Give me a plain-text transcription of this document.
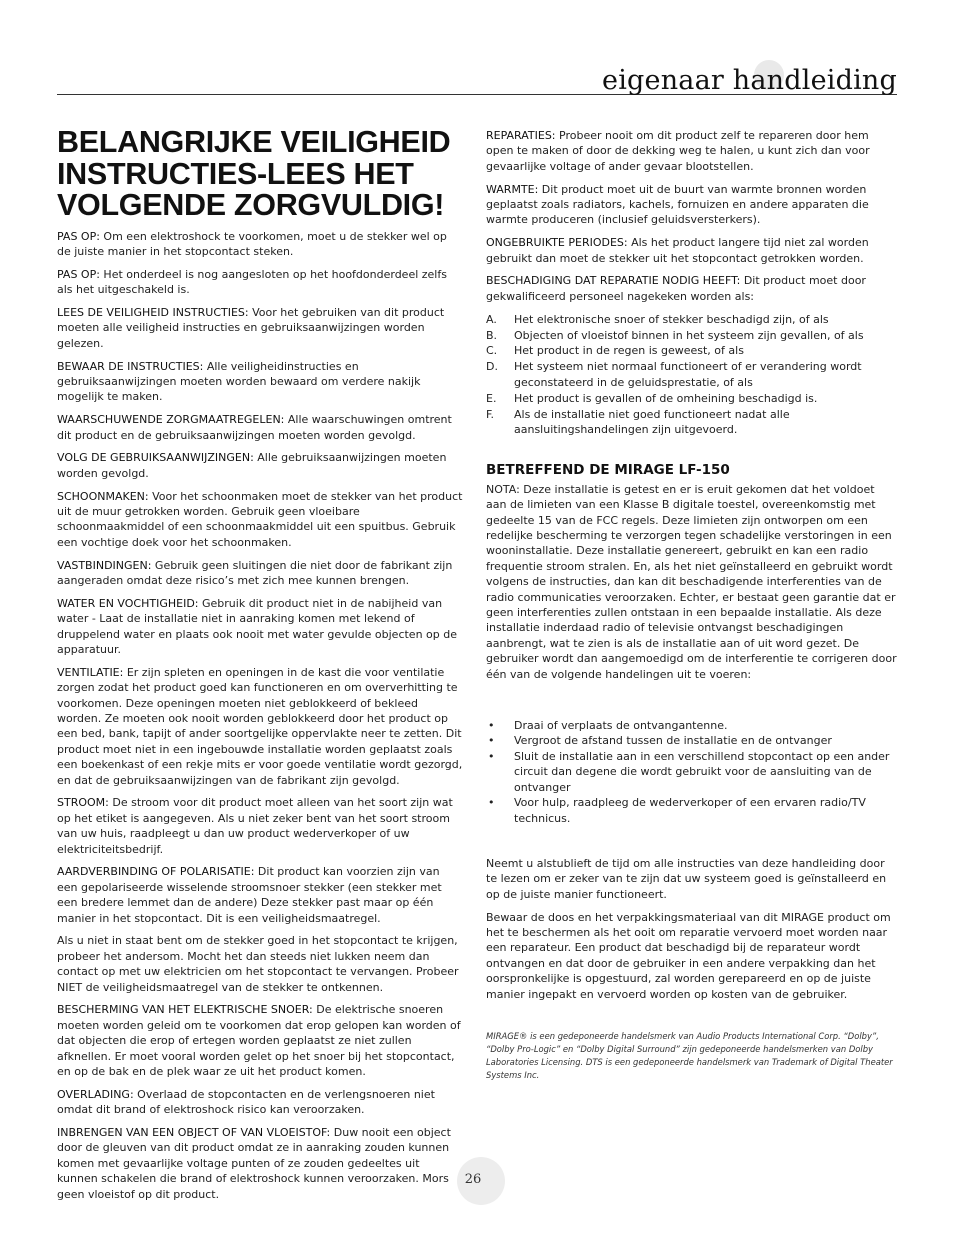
eigenaar handleiding
BELANGRIJKE VEILIGHEID INSTRUCTIES-LEES HET VOLGENDE ZORGVULDIG!

PAS OP: Om een elektroshock te voorkomen, moet u de stekker wel op de juiste manier in het stopcontact steken.

PAS OP: Het onderdeel is nog aangesloten op het hoofdonderdeel zelfs als het uitgeschakeld is.

LEES DE VEILIGHEID INSTRUCTIES: Voor het gebruiken van dit product moeten alle veiligheid instructies en gebruiksaanwijzingen worden gelezen.

BEWAAR DE INSTRUCTIES: Alle veiligheidinstructies en gebruiksaanwijzingen moeten worden bewaard om verdere nakijk mogelijk te maken.

WAARSCHUWENDE ZORGMAATREGELEN: Alle waarschuwingen omtrent dit product en de gebruiksaanwijzingen moeten worden gevolgd.

VOLG DE GEBRUIKSAANWIJZINGEN: Alle gebruiksaanwijzingen moeten worden gevolgd.

SCHOONMAKEN: Voor het schoonmaken moet de stekker van het product uit de muur getrokken worden. Gebruik geen vloeibare schoonmaakmiddel of een schoonmaakmiddel uit een spuitbus. Gebruik een vochtige doek voor het schoonmaken.

VASTBINDINGEN: Gebruik geen sluitingen die niet door de fabrikant zijn aangeraden omdat deze risico’s met zich mee kunnen brengen.

WATER EN VOCHTIGHEID: Gebruik dit product niet in de nabijheid van water - Laat de installatie niet in aanraking komen met lekend of druppelend water en plaats ook nooit met water gevulde objecten op de apparatuur.

VENTILATIE: Er zijn spleten en openingen in de kast die voor ventilatie zorgen zodat het product goed kan functioneren en om oververhitting te voorkomen. Deze openingen moeten niet geblokkeerd of bekleed worden. Ze moeten ook nooit worden geblokkeerd door het product op een bed, bank, tapijt of ander soortgelijke oppervlakte neer te zetten. Dit product moet niet in een ingebouwde installatie worden geplaatst zoals een boekenkast of een rekje mits er voor goede ventilatie wordt gezorgd, en dat de gebruiksaanwijzingen van de fabrikant zijn gevolgd.

STROOM: De stroom voor dit product moet alleen van het soort zijn wat op het etiket is aangegeven. Als u niet zeker bent van het soort stroom van uw huis, raadpleegt u dan uw product wederverkoper of uw elektriciteitsbedrijf.

AARDVERBINDING OF POLARISATIE: Dit product kan voorzien zijn van een gepolariseerde wisselende stroomsnoer stekker (een stekker met een bredere lemmet dan de andere) Deze stekker past maar op één manier in het stopcontact. Dit is een veiligheidsmaatregel.

Als u niet in staat bent om de stekker goed in het stopcontact te krijgen, probeer het andersom. Mocht het dan steeds niet lukken neem dan contact op met uw elektricien om het stopcontact te vervangen. Probeer NIET de veiligheidsmaatregel van de stekker te ontkennen.

BESCHERMING VAN HET ELEKTRISCHE SNOER: De elektrische snoeren moeten worden geleid om te voorkomen dat erop gelopen kan worden of dat objecten die erop of ertegen worden geplaatst ze niet zullen afknellen. Er moet vooral worden gelet op het snoer bij het stopcontact, en op de bak en de plek waar ze uit het product komen.

OVERLADING: Overlaad de stopcontacten en de verlengsnoeren niet omdat dit brand of elektroshock risico kan veroorzaken.

INBRENGEN VAN EEN OBJECT OF VAN VLOEISTOF: Duw nooit een object door de gleuven van dit product omdat ze in aanraking zouden kunnen komen met gevaarlijke voltage punten of ze zouden gedeeltes uit kunnen schakelen die brand of elektroshock kunnen veroorzaken. Mors geen vloeistof op dit product.

REPARATIES: Probeer nooit om dit product zelf te repareren door hem open te maken of door de dekking weg te halen, u kunt zich dan voor gevaarlijke voltage of ander gevaar blootstellen.

WARMTE: Dit product moet uit de buurt van warmte bronnen worden geplaatst zoals radiators, kachels, fornuizen en andere apparaten die warmte produceren (inclusief geluidsversterkers).

ONGEBRUIKTE PERIODES: Als het product langere tijd niet zal worden gebruikt dan moet de stekker uit het stopcontact getrokken worden.

BESCHADIGING DAT REPARATIE NODIG HEEFT: Dit product moet door gekwalificeerd personeel nagekeken worden als:

A. Het elektronische snoer of stekker beschadigd zijn, of als
B. Objecten of vloeistof binnen in het systeem zijn gevallen, of als
C. Het product in de regen is geweest, of als
D. Het systeem niet normaal functioneert of er verandering wordt geconstateerd in de geluidsprestatie, of als
E. Het product is gevallen of de omheining beschadigd is.
F. Als de installatie niet goed functioneert nadat alle aansluitingshandelingen zijn uitgevoerd.
BETREFFEND DE MIRAGE LF-150

NOTA: Deze installatie is getest en er is eruit gekomen dat het voldoet aan de limieten van een Klasse B digitale toestel, overeenkomstig met gedeelte 15 van de FCC regels. Deze limieten zijn ontworpen om een redelijke bescherming te verzorgen tegen schadelijke verstoringen in een wooninstallatie. Deze installatie genereert, gebruikt en kan een radio frequentie stroom stralen. En, als het niet geïnstalleerd en gebruikt wordt volgens de instructies, dan kan dit beschadigende interferenties van de radio communicaties veroorzaken. Echter, er bestaat geen garantie dat er geen interferenties zullen ontstaan in een bepaalde installatie. Als deze installatie inderdaad radio of televisie ontvangst beschadigingen aanbrengt, wat te zien is als de installatie aan of uit word gezet. De gebruiker wordt dan aangemoedigd om de interferentie te corrigeren door één van de volgende handelingen uit te voeren:

• Draai of verplaats de ontvangantenne.
• Vergroot de afstand tussen de installatie en de ontvanger
• Sluit de installatie aan in een verschillend stopcontact op een ander circuit dan degene die wordt gebruikt voor de aansluiting van de ontvanger
• Voor hulp, raadpleeg de wederverkoper of een ervaren radio/TV technicus.

Neemt u alstublieft de tijd om alle instructies van deze handleiding door te lezen om er zeker van te zijn dat uw systeem goed is geïnstalleerd en op de juiste manier functioneert.

Bewaar de doos en het verpakkingsmateriaal van dit MIRAGE product om het te beschermen als het ooit om reparatie vervoerd moet worden naar een reparateur. Een product dat beschadigd bij de reparateur wordt ontvangen en dat door de gebruiker in een andere verpakking dan het oorspronkelijke is opgestuurd, zal worden gerepareerd en op de juiste manier ingepakt en vervoerd worden op kosten van de gebruiker.

MIRAGE® is een gedeponeerde handelsmerk van Audio Products International Corp. “Dolby”, “Dolby Pro-Logic” en “Dolby Digital Surround” zijn gedeponeerde handelsmerken van Dolby Laboratories Licensing. DTS is een gedeponeerde handelsmerk van Trademark of Digital Theater Systems Inc.
26
